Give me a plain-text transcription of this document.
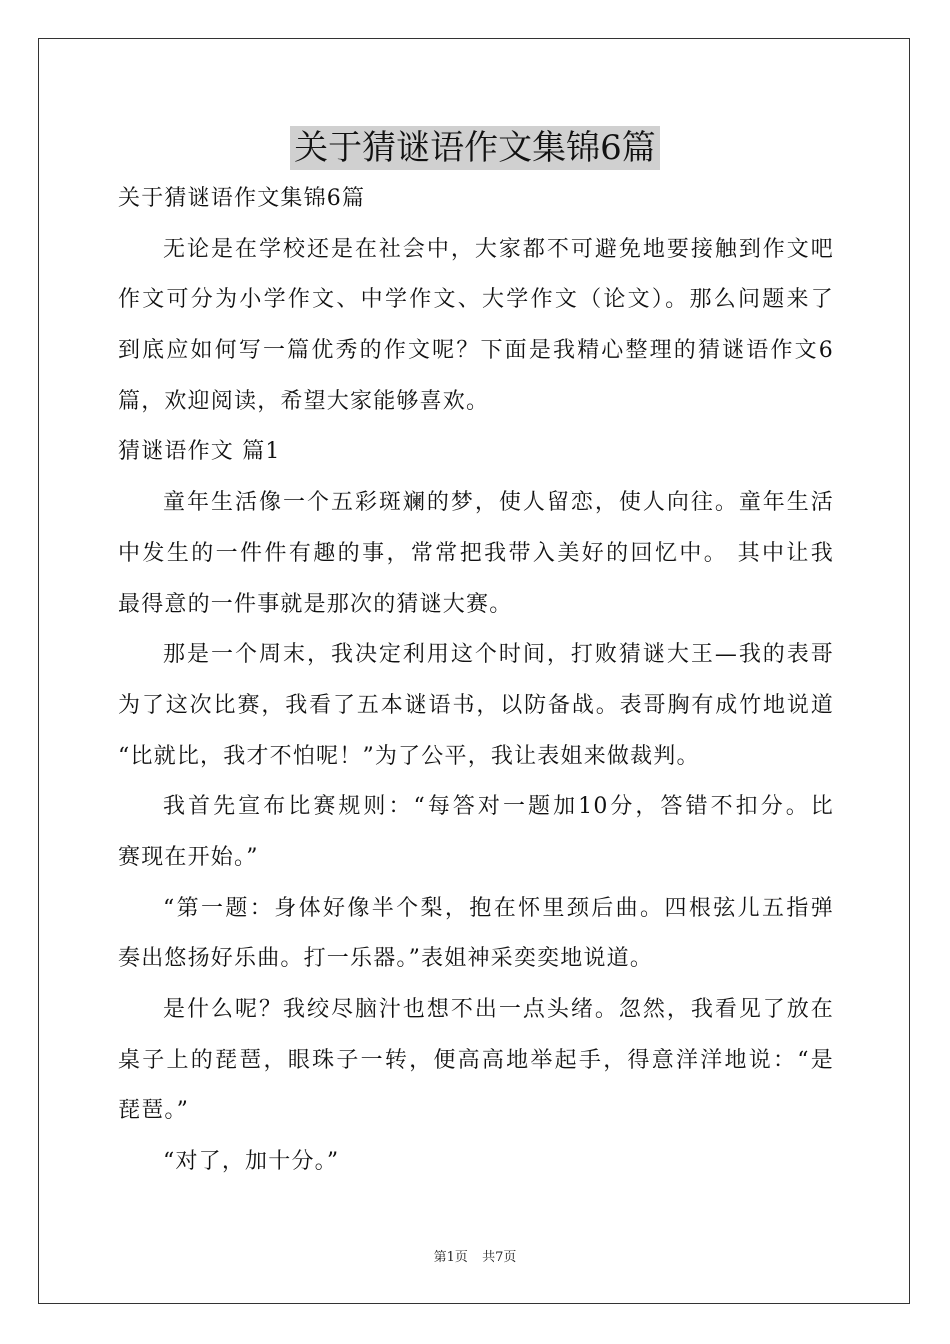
关于猜谜语作文集锦6篇
关于猜谜语作文集锦6篇
无论是在学校还是在社会中，大家都不可避免地要接触到作文吧
作文可分为小学作文、中学作文、大学作文（论文）。那么问题来了
到底应如何写一篇优秀的作文呢？下面是我精心整理的猜谜语作文6
篇，欢迎阅读，希望大家能够喜欢。
猜谜语作文 篇1
童年生活像一个五彩斑斓的梦，使人留恋，使人向往。童年生活
中发生的一件件有趣的事，常常把我带入美好的回忆中。 其中让我
最得意的一件事就是那次的猜谜大赛。
那是一个周末，我决定利用这个时间，打败猜谜大王—我的表哥
为了这次比赛，我看了五本谜语书，以防备战。表哥胸有成竹地说道
“比就比，我才不怕呢！”为了公平，我让表姐来做裁判。
我首先宣布比赛规则：“每答对一题加10分，答错不扣分。比
赛现在开始。”
“第一题：身体好像半个梨，抱在怀里颈后曲。四根弦儿五指弹
奏出悠扬好乐曲。打一乐器。”表姐神采奕奕地说道。
是什么呢？我绞尽脑汁也想不出一点头绪。忽然，我看见了放在
桌子上的琵琶，眼珠子一转，便高高地举起手，得意洋洋地说：“是
琵琶。”
“对了，加十分。”
第1页 共7页
